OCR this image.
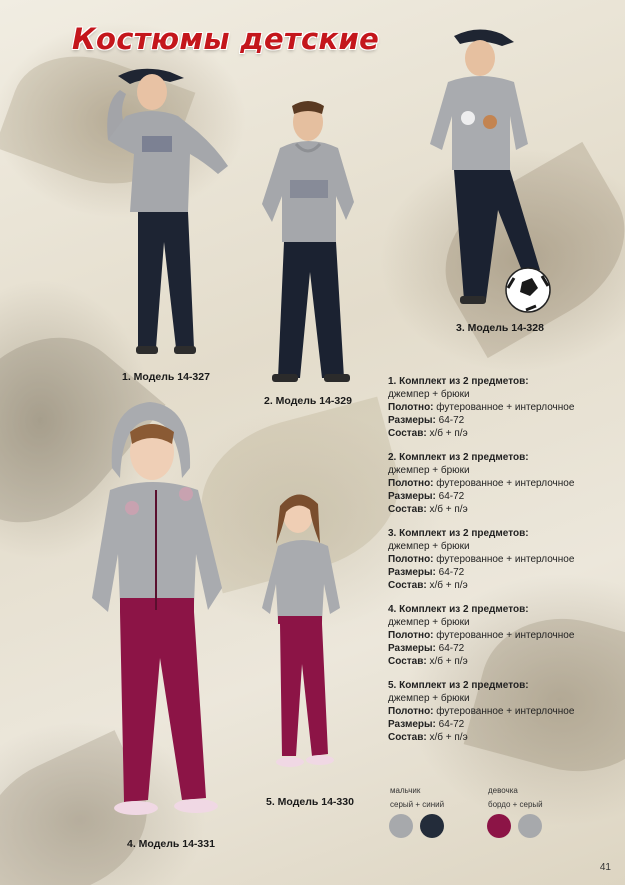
Костюмы детские
1. Модель 14-327
2. Модель 14-329
3. Модель 14-328
4. Модель 14-331
5. Модель 14-330
1. Комплект из 2 предметов:
джемпер + брюки
Полотно: футерованное + интерлочное
Размеры: 64-72
Состав: х/б + п/э
2. Комплект из 2 предметов:
джемпер + брюки
Полотно: футерованное + интерлочное
Размеры: 64-72
Состав: х/б + п/э
3. Комплект из 2 предметов:
джемпер + брюки
Полотно: футерованное + интерлочное
Размеры: 64-72
Состав: х/б + п/э
4. Комплект из 2 предметов:
джемпер + брюки
Полотно: футерованное + интерлочное
Размеры: 64-72
Состав: х/б + п/э
5. Комплект из 2 предметов:
джемпер + брюки
Полотно: футерованное + интерлочное
Размеры: 64-72
Состав: х/б + п/э
мальчик
серый + синий
девочка
бордо + серый
41
